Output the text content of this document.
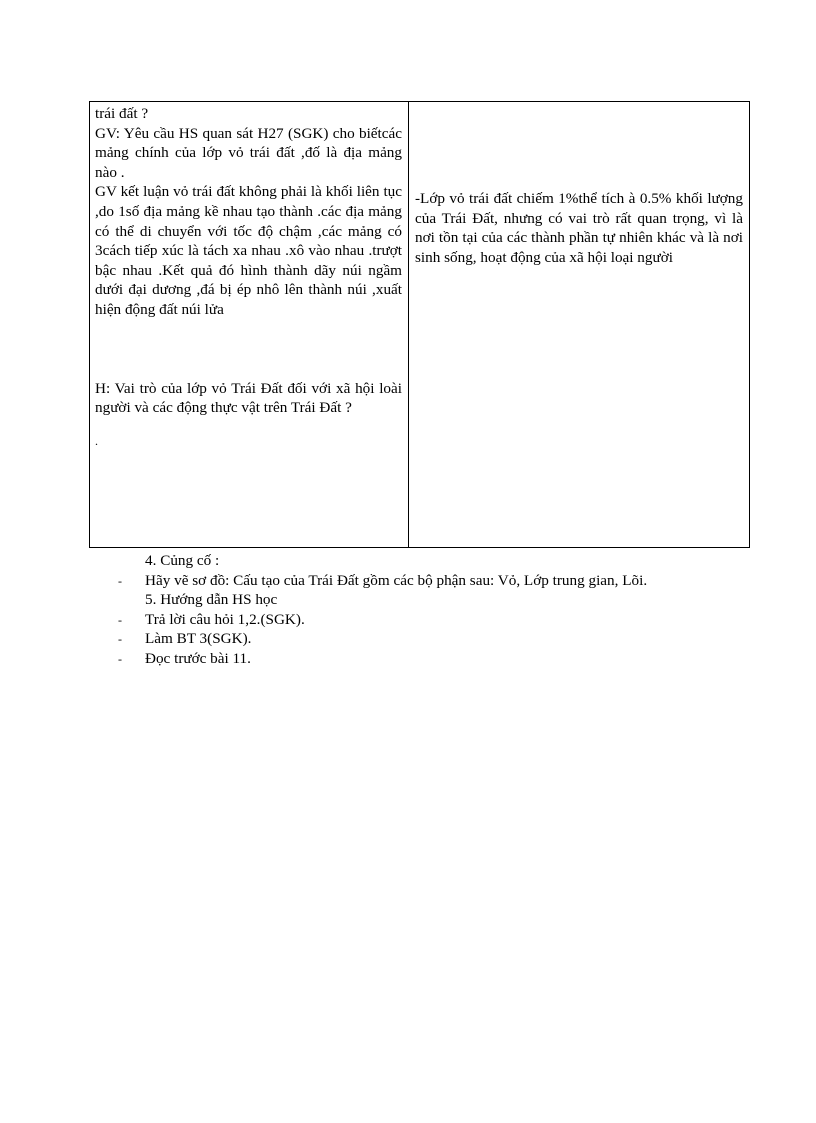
trái đất ?

GV: Yêu cầu HS quan sát H27 (SGK) cho biếtcác mảng chính của lớp vỏ trái đất ,đố là địa mảng nào .

GV kết luận vỏ trái đất không phải là khối liên tục ,do 1số địa mảng kề nhau tạo thành .các địa mảng có thể di chuyển với tốc độ chậm ,các mảng có 3cách tiếp xúc là tách xa nhau .xô vào nhau .trượt bậc nhau .Kết quả đó hình thành dãy núi ngầm dưới đại dương ,đá bị ép nhô lên thành núi ,xuất hiện động đất núi lửa

H: Vai trò của lớp vỏ Trái Đất đối với xã hội loài người và các động thực vật trên Trái Đất ?

.

-Lớp vỏ trái đất chiếm 1%thể tích à 0.5% khối lượng của Trái Đất, nhưng có vai trò rất quan trọng, vì là nơi tồn tại của các thành phần tự nhiên khác và là nơi sinh sống, hoạt động của xã hội loại người

4. Củng cố :
- Hãy vẽ sơ đồ: Cấu tạo của Trái Đất gồm các bộ phận sau: Vỏ, Lớp trung gian, Lõi.
5. Hướng dẫn HS học
- Trả lời câu hỏi 1,2.(SGK).
- Làm BT 3(SGK).
- Đọc trước bài 11.
